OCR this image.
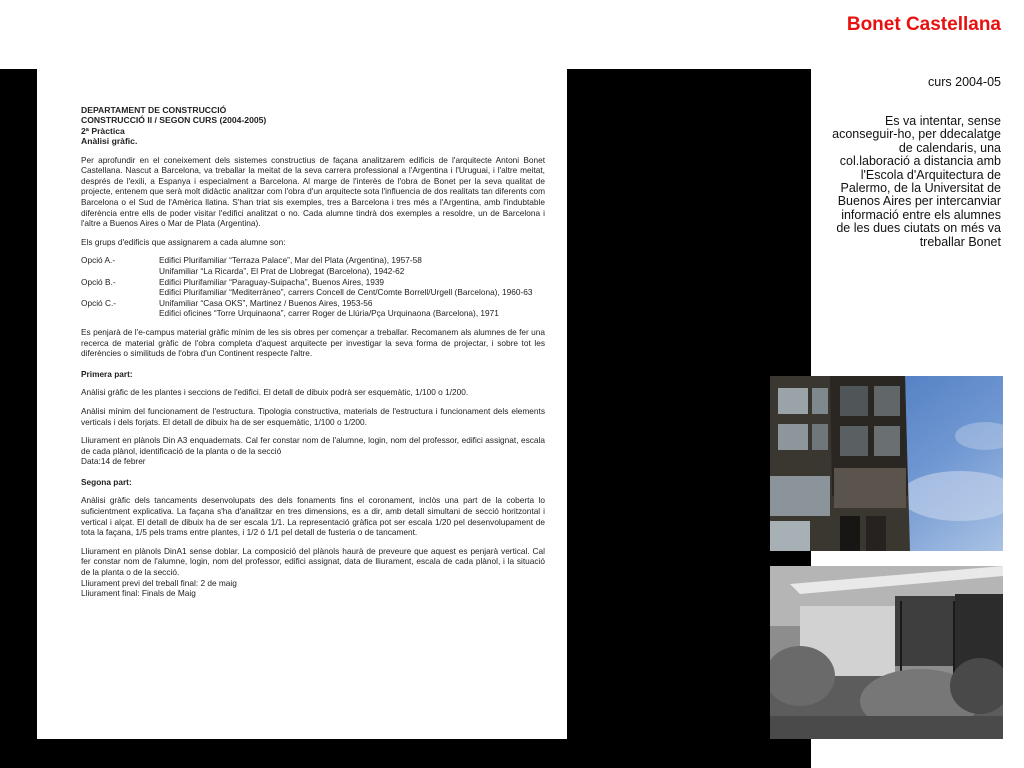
Bonet Castellana
DEPARTAMENT DE CONSTRUCCIÓ
CONSTRUCCIÓ II / SEGON CURS (2004-2005)
2ª Pràctica
Anàlisi gràfic.

Per aprofundir en el coneixement dels sistemes constructius de façana analitzarem edificis de l'arquitecte Antoni Bonet Castellana. Nascut a Barcelona, va treballar la meitat de la seva carrera professional a l'Argentina i l'Uruguai, i l'altre meitat, després de l'exili, a Espanya i especialment a Barcelona. Al marge de l'interès de l'obra de Bonet per la seva qualitat de projecte, entenem que serà molt didàctic analitzar com l'obra d'un arquitecte sota l'influencia de dos realitats tan diferents com Barcelona o el Sud de l'Amèrica llatina. S'han triat sis exemples, tres a Barcelona i tres més a l'Argentina, amb l'indubtable diferència entre ells de poder visitar l'edifici analitzat o no. Cada alumne tindrà dos exemples a resoldre, un de Barcelona i l'altre a Buenos Aires o Mar de Plata (Argentina).

Els grups d'edificis que assignarem a cada alumne son:

Opció A.-	Edifici Plurifamiliar “Terraza Palace”, Mar del Plata (Argentina), 1957-58
Unifamiliar “La Ricarda”, El Prat de Llobregat (Barcelona), 1942-62
Opció B.-	Edifici Plurifamiliar “Paraguay-Suipacha”, Buenos Aires, 1939
Edifici Plurifamiliar “Mediterràneo”, carrers Concell de Cent/Comte Borrell/Urgell (Barcelona), 1960-63
Opció C.-	Unifamiliar “Casa OKS”, Martinez / Buenos Aires, 1953-56
Edifici oficines “Torre Urquinaona”, carrer Roger de Llúria/Pça Urquinaona (Barcelona), 1971

Es penjarà de l'e-campus material gràfic mínim de les sis obres per començar a treballar. Recomanem als alumnes de fer una recerca de material gràfic de l'obra completa d'aquest arquitecte per investigar la seva forma de projectar, i sobre tot les diferències o similituds de l'obra d'un Continent respecte l'altre.

Primera part:

Anàlisi gràfic de les plantes i seccions de l'edifici. El detall de dibuix podrà ser esquemàtic, 1/100 o 1/200.

Anàlisi mínim del funcionament de l'estructura. Tipologia constructiva, materials de l'estructura i funcionament dels elements verticals i dels forjats. El detall de dibuix ha de ser esquemàtic, 1/100 o 1/200.

Lliurament en plànols Din A3 enquadernats. Cal fer constar nom de l'alumne, login, nom del professor, edifici assignat, escala de cada plànol, identificació de la planta o de la secció

Data:14 de febrer
Segona part:

Anàlisi gràfic dels tancaments desenvolupats des dels fonaments fins el coronament, inclòs una part de la coberta lo suficientment explicativa. La façana s'ha d'analitzar en tres dimensions, es a dir, amb detall simultani de secció horitzontal i vertical i alçat. El detall de dibuix ha de ser escala 1/1. La representació gràfica pot ser escala 1/20 pel desenvolupament de tota la façana, 1/5 pels trams entre plantes, i 1/2 ó 1/1 pel detall de fusteria o de tancament.

Lliurament en plànols DinA1 sense doblar. La composició del plànols haurà de preveure que aquest es penjarà vertical. Cal fer constar nom de l'alumne, login, nom del professor, edifici assignat, data de lliurament, escala de cada plànol, i la situació de la planta o de la secció.

Lliurament previ del treball final: 2 de maig
Lliurament final: Finals de Maig
curs 2004-05
Es va intentar, sense aconseguir-ho, per ddecalatge de calendaris, una col.laboració a distancia amb l'Escola d'Arquitectura de Palermo, de la Universitat de Buenos Aires per intercanviar informació entre els alumnes de les dues ciutats on més va treballar Bonet
